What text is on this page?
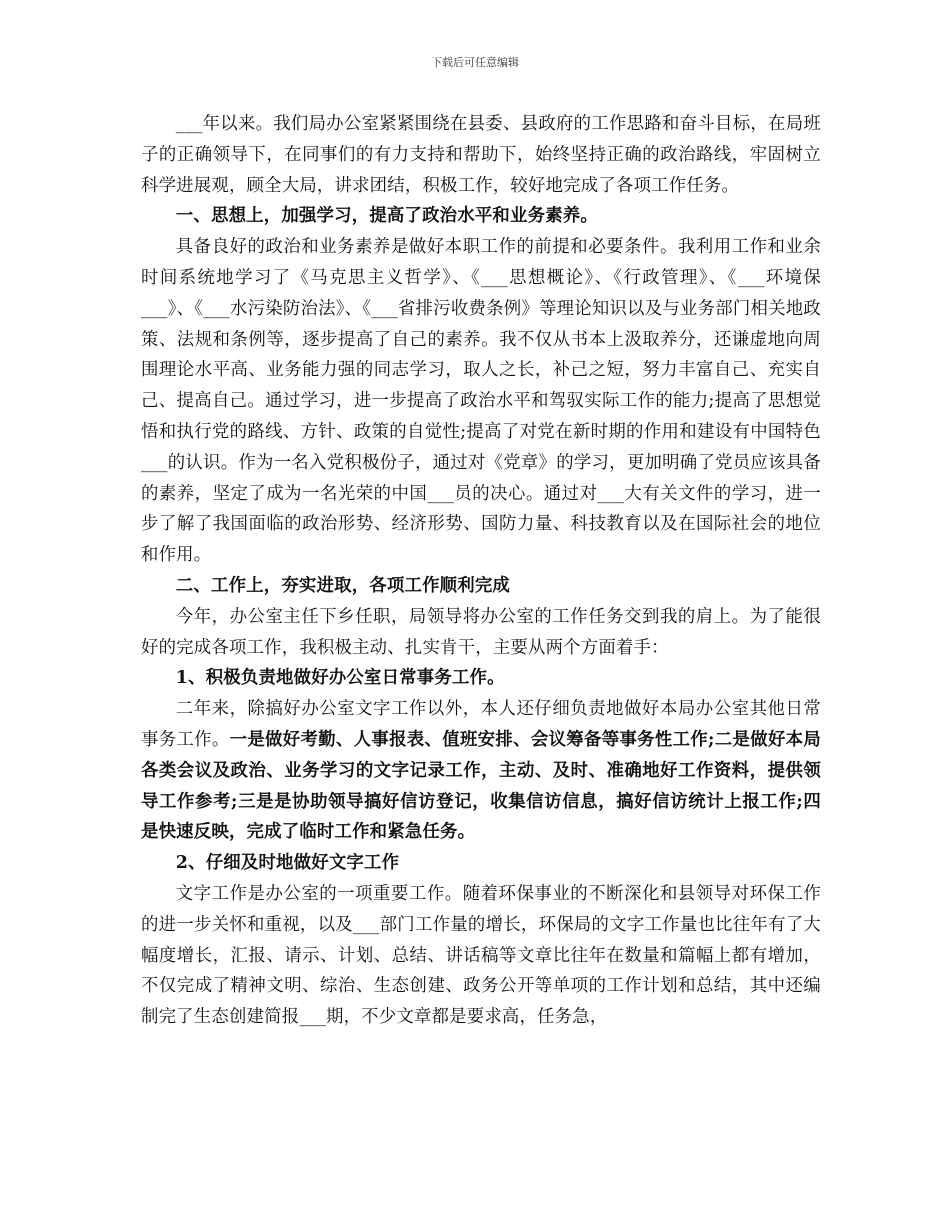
下载后可任意编辑

___年以来。我们局办公室紧紧围绕在县委、县政府的工作思路和奋斗目标，在局班子的正确领导下，在同事们的有力支持和帮助下，始终坚持正确的政治路线，牢固树立科学进展观，顾全大局，讲求团结，积极工作，较好地完成了各项工作任务。

一、思想上，加强学习，提高了政治水平和业务素养。

具备良好的政治和业务素养是做好本职工作的前提和必要条件。我利用工作和业余时间系统地学习了《马克思主义哲学》、《___思想概论》、《行政管理》、《___环境保___》、《___水污染防治法》、《___省排污收费条例》等理论知识以及与业务部门相关地政策、法规和条例等，逐步提高了自己的素养。我不仅从书本上汲取养分，还谦虚地向周围理论水平高、业务能力强的同志学习，取人之长，补己之短，努力丰富自己、充实自己、提高自己。通过学习，进一步提高了政治水平和驾驭实际工作的能力;提高了思想觉悟和执行党的路线、方针、政策的自觉性;提高了对党在新时期的作用和建设有中国特色___的认识。作为一名入党积极份子，通过对《党章》的学习，更加明确了党员应该具备的素养，坚定了成为一名光荣的中国___员的决心。通过对___大有关文件的学习，进一步了解了我国面临的政治形势、经济形势、国防力量、科技教育以及在国际社会的地位和作用。

二、工作上，夯实进取，各项工作顺利完成

今年，办公室主任下乡任职，局领导将办公室的工作任务交到我的肩上。为了能很好的完成各项工作，我积极主动、扎实肯干，主要从两个方面着手：

1、积极负责地做好办公室日常事务工作。

二年来，除搞好办公室文字工作以外，本人还仔细负责地做好本局办公室其他日常事务工作。一是做好考勤、人事报表、值班安排、会议筹备等事务性工作;二是做好本局各类会议及政治、业务学习的文字记录工作，主动、及时、准确地好工作资料，提供领导工作参考;三是是协助领导搞好信访登记，收集信访信息，搞好信访统计上报工作;四是快速反映，完成了临时工作和紧急任务。

2、仔细及时地做好文字工作

文字工作是办公室的一项重要工作。随着环保事业的不断深化和县领导对环保工作的进一步关怀和重视，以及___部门工作量的增长，环保局的文字工作量也比往年有了大幅度增长，汇报、请示、计划、总结、讲话稿等文章比往年在数量和篇幅上都有增加，不仅完成了精神文明、综治、生态创建、政务公开等单项的工作计划和总结，其中还编制完了生态创建简报___期，不少文章都是要求高，任务急，
